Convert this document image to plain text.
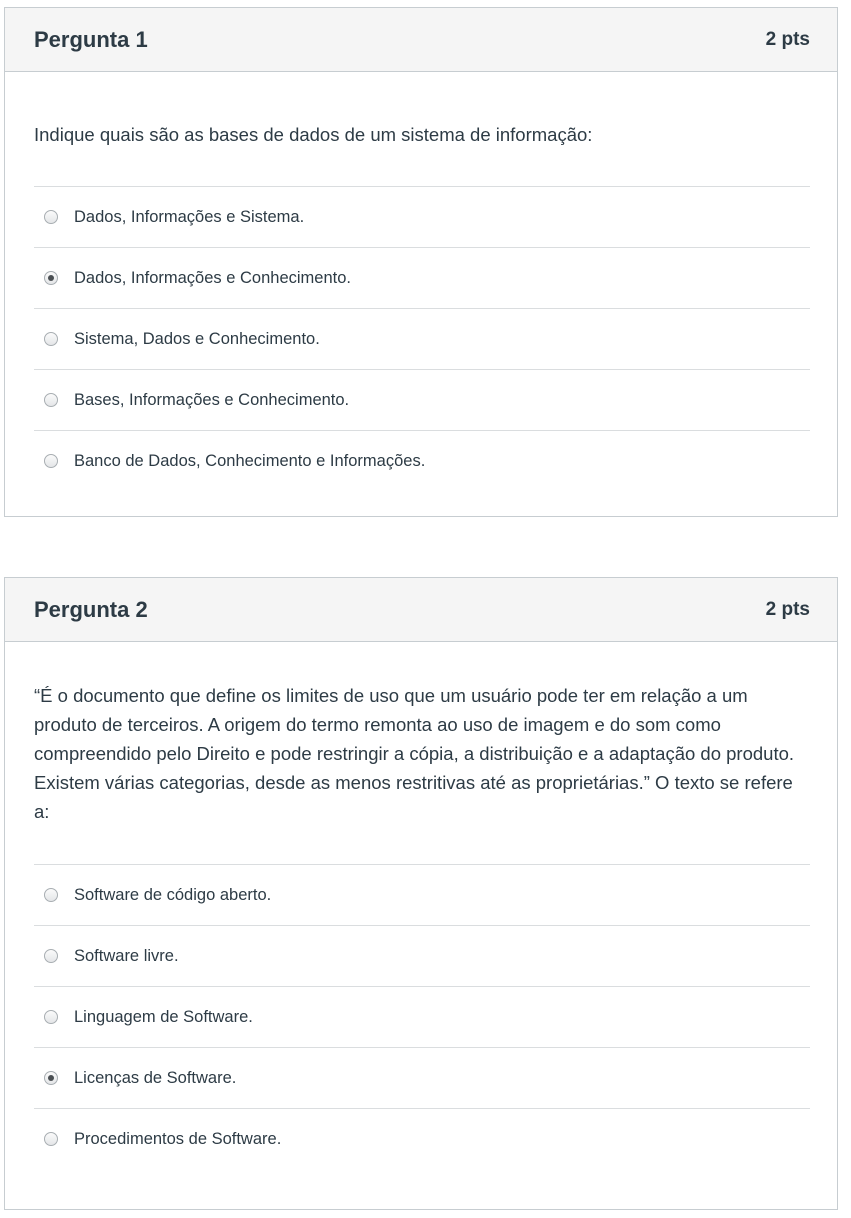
Pergunta 1	2 pts

Indique quais são as bases de dados de um sistema de informação:

Dados, Informações e Sistema.
Dados, Informações e Conhecimento.
Sistema, Dados e Conhecimento.
Bases, Informações e Conhecimento.
Banco de Dados, Conhecimento e Informações.
Pergunta 2	2 pts

“É o documento que define os limites de uso que um usuário pode ter em relação a um produto de terceiros. A origem do termo remonta ao uso de imagem e do som como compreendido pelo Direito e pode restringir a cópia, a distribuição e a adaptação do produto. Existem várias categorias, desde as menos restritivas até as proprietárias.” O texto se refere a:

Software de código aberto.
Software livre.
Linguagem de Software.
Licenças de Software.
Procedimentos de Software.
